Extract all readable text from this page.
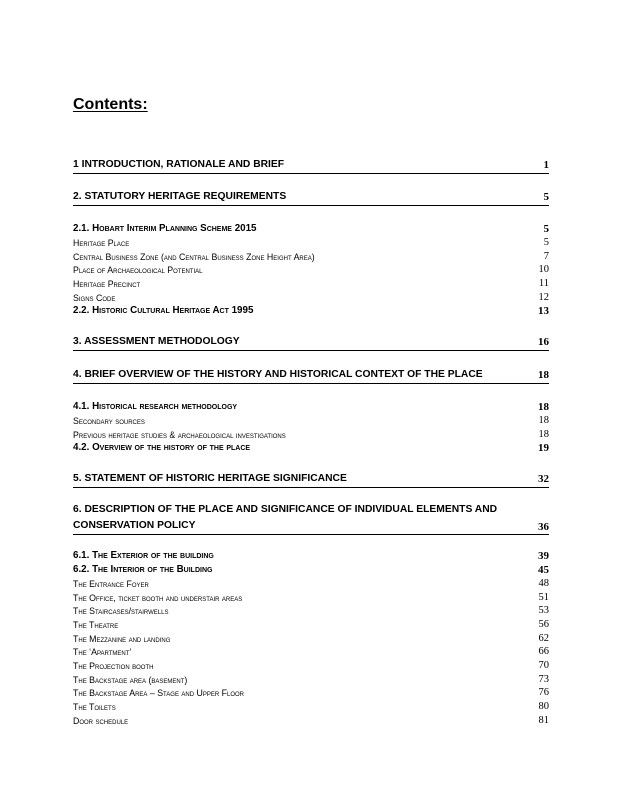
Contents:
1 INTRODUCTION, RATIONALE AND BRIEF	1
2. STATUTORY HERITAGE REQUIREMENTS	5
2.1. Hobart Interim Planning Scheme 2015	5
Heritage Place	5
Central Business Zone (and Central Business Zone Height Area)	7
Place of Archaeological Potential	10
Heritage Precinct	11
Signs Code	12
2.2. Historic Cultural Heritage Act 1995	13
3. ASSESSMENT METHODOLOGY	16
4. BRIEF OVERVIEW OF THE HISTORY AND HISTORICAL CONTEXT OF THE PLACE	18
4.1. Historical research methodology	18
Secondary sources	18
Previous heritage studies & archaeological investigations	18
4.2. Overview of the history of the place	19
5. STATEMENT OF HISTORIC HERITAGE SIGNIFICANCE	32
6. DESCRIPTION OF THE PLACE AND SIGNIFICANCE OF INDIVIDUAL ELEMENTS AND CONSERVATION POLICY	36
6.1. The Exterior of the building	39
6.2. The Interior of the Building	45
The Entrance Foyer	48
The Office, ticket booth and understair areas	51
The Staircases/stairwells	53
The Theatre	56
The Mezzanine and landing	62
The ‘Apartment’	66
The Projection booth	70
The Backstage area (basement)	73
The Backstage Area – Stage and Upper Floor	76
The Toilets	80
Door schedule	81
